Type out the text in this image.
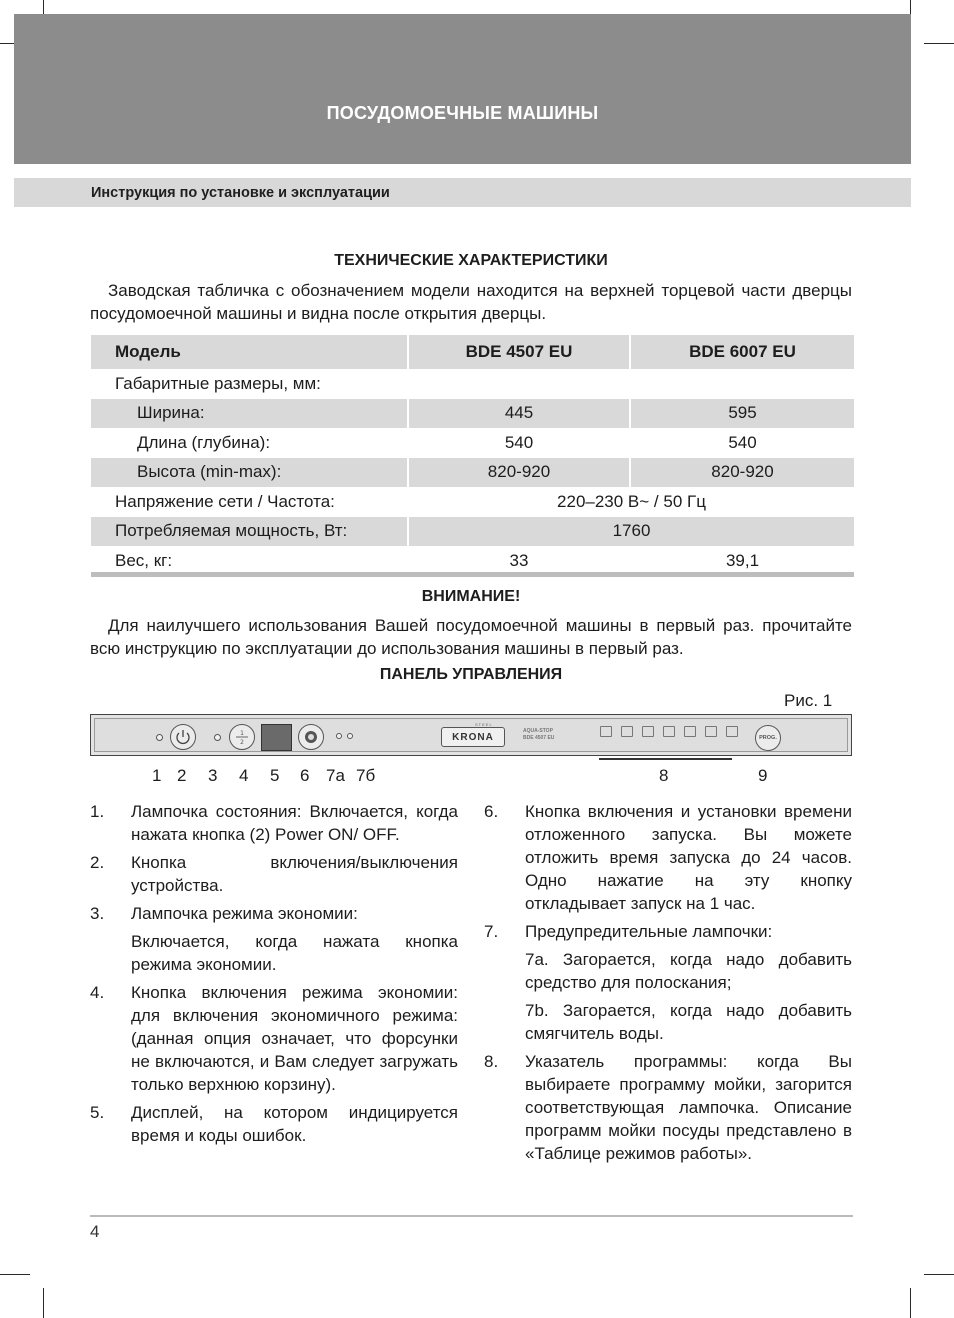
ПОСУДОМОЕЧНЫЕ МАШИНЫ
Инструкция по установке и эксплуатации
ТЕХНИЧЕСКИЕ ХАРАКТЕРИСТИКИ
Заводская табличка с обозначением модели находится на верхней торцевой части дверцы посудомоечной машины и видна после открытия дверцы.
Модель	BDE 4507 EU	BDE 6007 EU
Габаритные размеры, мм:
Ширина:	445	595
Длина (глубина):	540	540
Высота (min-max):	820-920	820-920
Напряжение сети / Частота:	220–230 В~ / 50 Гц
Потребляемая мощность, Вт:	1760
Вес, кг:	33	39,1
ВНИМАНИЕ!
Для наилучшего использования Вашей посудомоечной машины в первый раз. прочитайте всю инструкцию по эксплуатации до использования машины в первый раз.
ПАНЕЛЬ УПРАВЛЕНИЯ
Рис. 1
1
2	KRONA
STEEL
AQUA-STOP
BDE 4507 EU	PROG.
1 2 3 4 5 6 7а 7б	8	9
1. Лампочка состояния: Включается, когда нажата кнопка (2) Power ON/ OFF.
2. Кнопка включения/выключения устройства.
3. Лампочка режима экономии:
Включается, когда нажата кнопка режима экономии.
4. Кнопка включения режима экономии: для включения экономичного режима: (данная опция означает, что форсунки не включаются, и Вам следует загружать только верхнюю корзину).
5. Дисплей, на котором индицируется время и коды ошибок.
6. Кнопка включения и установки времени отложенного запуска. Вы можете отложить время запуска до 24 часов. Одно нажатие на эту кнопку откладывает запуск на 1 час.
7. Предупредительные лампочки:
7a. Загорается, когда надо добавить средство для полоскания;
7b. Загорается, когда надо добавить смягчитель воды.
8. Указатель программы: когда Вы выбираете программу мойки, загорится соответствующая лампочка. Описание программ мойки посуды представлено в «Таблице режимов работы».
4
